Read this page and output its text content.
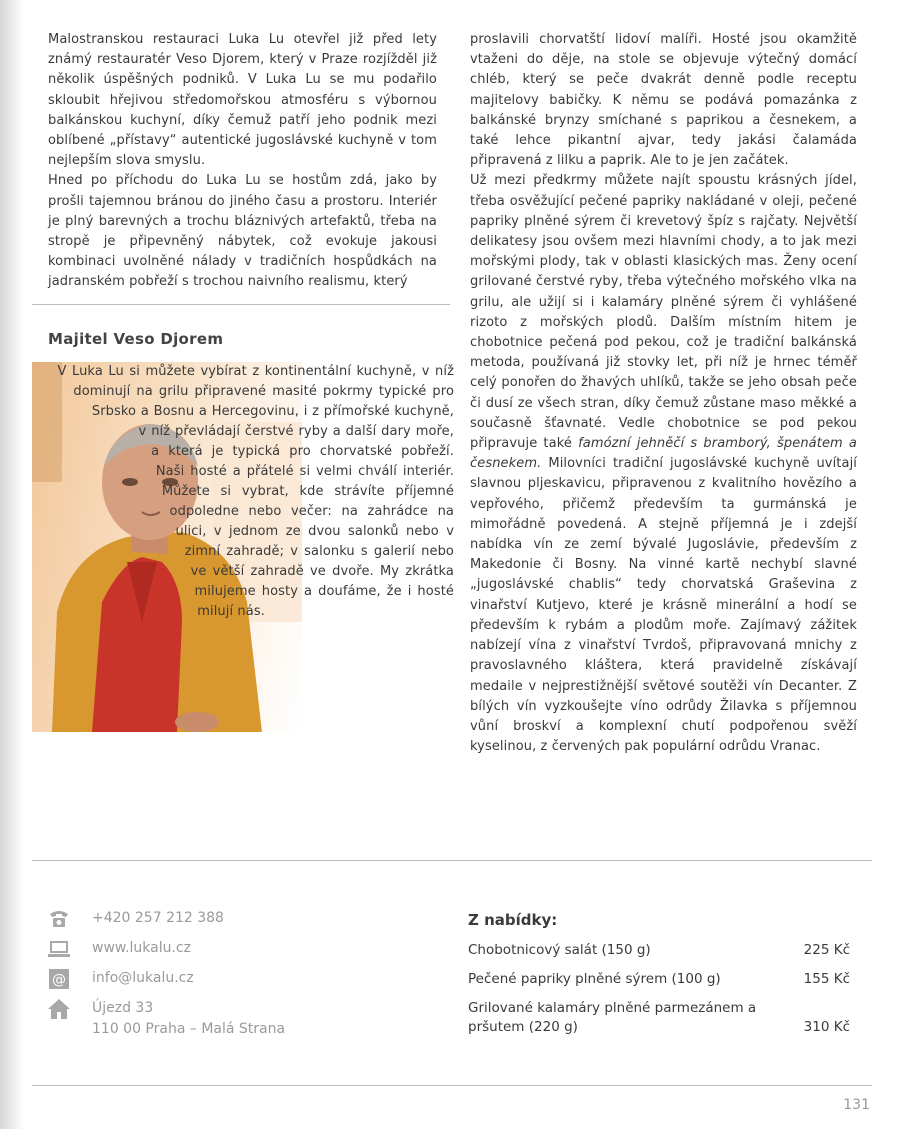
Malostranskou restauraci Luka Lu otevřel již před lety známý restauratér Veso Djorem, který v Praze rozjížděl již několik úspěšných podniků. V Luka Lu se mu podařilo skloubit hřejivou středomořskou atmosféru s výbornou balkánskou kuchyní, díky čemuž patří jeho podnik mezi oblíbené „přístavy“ autentické jugoslávské kuchyně v tom nejlepším slova smyslu.

Hned po příchodu do Luka Lu se hostům zdá, jako by prošli tajemnou bránou do jiného času a prostoru. Interiér je plný barevných a trochu bláznivých artefaktů, třeba na stropě je připevněný nábytek, což evokuje jakousi kombinaci uvolněné nálady v tradičních hospůdkách na jadranském pobřeží s trochou naivního realismu, který

Majitel Veso Djorem

V Luka Lu si můžete vybírat z kontinentální kuchyně, v níž dominují na grilu připravené masité pokrmy typické pro Srbsko a Bosnu a Hercegovinu, i z přímořské kuchyně, v níž převládají čerstvé ryby a další dary moře, a která je typická pro chorvatské pobřeží. Naši hosté a přátelé si velmi chválí interiér. Můžete si vybrat, kde strávíte příjemné odpoledne nebo večer: na zahrádce na ulici, v jednom ze dvou salonků nebo v zimní zahradě; v salonku s galerií nebo ve větší zahradě ve dvoře. My zkrátka milujeme hosty a doufáme, že i hosté milují nás.

proslavili chorvatští lidoví malíři. Hosté jsou okamžitě vtaženi do děje, na stole se objevuje výtečný domácí chléb, který se peče dvakrát denně podle receptu majitelovy babičky. K němu se podává pomazánka z balkánské brynzy smíchané s paprikou a česnekem, a také lehce pikantní ajvar, tedy jakási čalamáda připravená z lilku a paprik. Ale to je jen začátek.

Už mezi předkrmy můžete najít spoustu krásných jídel, třeba osvěžující pečené papriky nakládané v oleji, pečené papriky plněné sýrem či krevetový špíz s rajčaty. Největší delikatesy jsou ovšem mezi hlavními chody, a to jak mezi mořskými plody, tak v oblasti klasických mas. Ženy ocení grilované čerstvé ryby, třeba výtečného mořského vlka na grilu, ale užijí si i kalamáry plněné sýrem či vyhlášené rizoto z mořských plodů. Dalším místním hitem je chobotnice pečená pod pekou, což je tradiční balkánská metoda, používaná již stovky let, při níž je hrnec téměř celý ponořen do žhavých uhlíků, takže se jeho obsah peče či dusí ze všech stran, díky čemuž zůstane maso měkké a současně šťavnaté. Vedle chobotnice se pod pekou připravuje také famózní jehněčí s bramborý, špenátem a česnekem. Milovníci tradiční jugoslávské kuchyně uvítají slavnou pljeskavicu, připravenou z kvalitního hovězího a vepřového, přičemž především ta gurmánská je mimořádně povedená. A stejně příjemná je i zdejší nabídka vín ze zemí bývalé Jugoslávie, především z Makedonie či Bosny. Na vinné kartě nechybí slavné „jugoslávské chablis“ tedy chorvatská Graševina z vinařství Kutjevo, které je krásně minerální a hodí se především k rybám a plodům moře. Zajímavý zážitek nabízejí vína z vinařství Tvrdoš, připravovaná mnichy z pravoslavného kláštera, která pravidelně získávají medaile v nejprestižnější světové soutěži vín Decanter. Z bílých vín vyzkoušejte víno odrůdy Žilavka s příjemnou vůní broskví a komplexní chutí podpořenou svěží kyselinou, z červených pak populární odrůdu Vranac.

+420 257 212 388
www.lukalu.cz
@ info@lukalu.cz
Újezd 33
110 00 Praha – Malá Strana
Z nabídky:
Chobotnicový salát (150 g)	225 Kč
Pečené papriky plněné sýrem (100 g)	155 Kč
Grilované kalamáry plněné parmezánem a pršutem (220 g)	310 Kč
131
